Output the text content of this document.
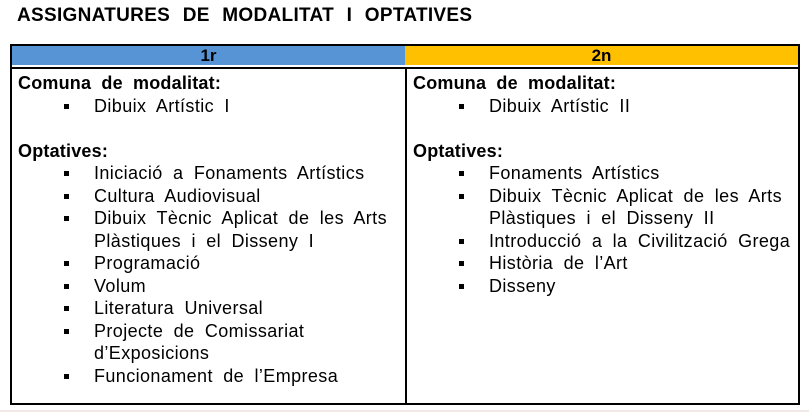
ASSIGNATURES DE MODALITAT I OPTATIVES
1r	2n
Comuna de modalitat:
Dibuix Artístic I
Optatives:
Iniciació a Fonaments Artístics
Cultura Audiovisual
Dibuix Tècnic Aplicat de les Arts Plàstiques i el Disseny I
Programació
Volum
Literatura Universal
Projecte de Comissariat d’Exposicions
Funcionament de l’Empresa
Comuna de modalitat:
Dibuix Artístic II
Optatives:
Fonaments Artístics
Dibuix Tècnic Aplicat de les Arts Plàstiques i el Disseny II
Introducció a la Civilització Grega
Història de l’Art
Disseny
